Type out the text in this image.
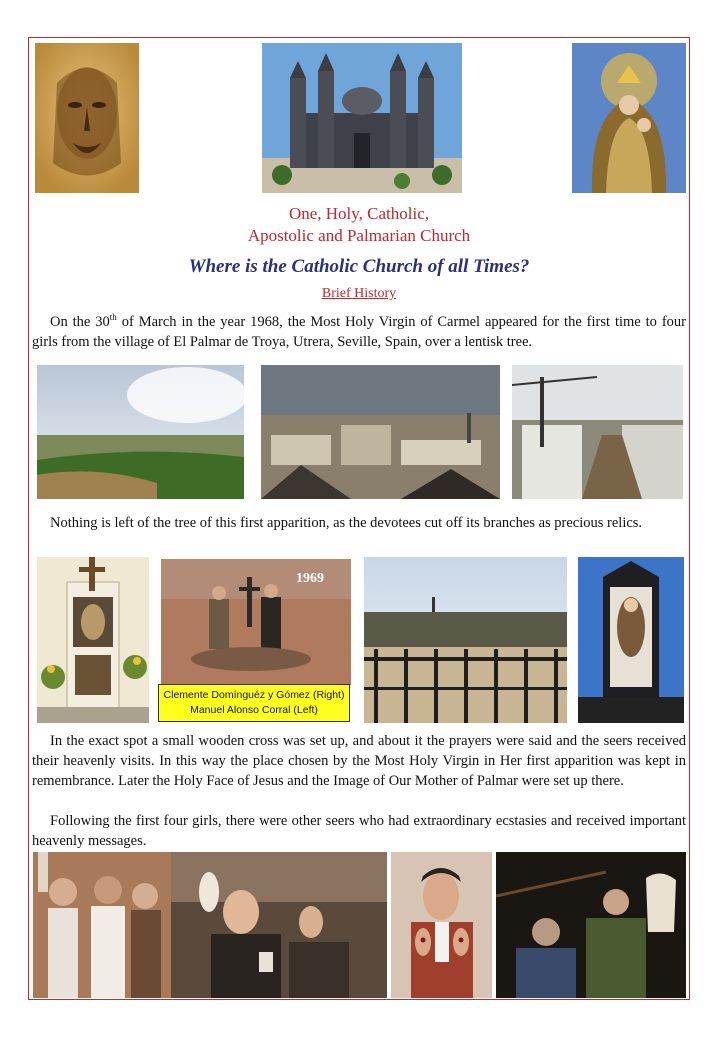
One, Holy, Catholic,
Apostolic and Palmarian Church
Where is the Catholic Church of all Times?
Brief History
On the 30th of March in the year 1968, the Most Holy Virgin of Carmel appeared for the first time to four girls from the village of El Palmar de Troya, Utrera, Seville, Spain, over a lentisk tree.
Nothing is left of the tree of this first apparition, as the devotees cut off its branches as precious relics.
1969
Clemente Domínguéz y Gómez (Right)
Manuel Alonso Corral (Left)
In the exact spot a small wooden cross was set up, and about it the prayers were said and the seers received their heavenly visits. In this way the place chosen by the Most Holy Virgin in Her first apparition was kept in remembrance. Later the Holy Face of Jesus and the Image of Our Mother of Palmar were set up there.
Following the first four girls, there were other seers who had extraordinary ecstasies and received important heavenly messages.
